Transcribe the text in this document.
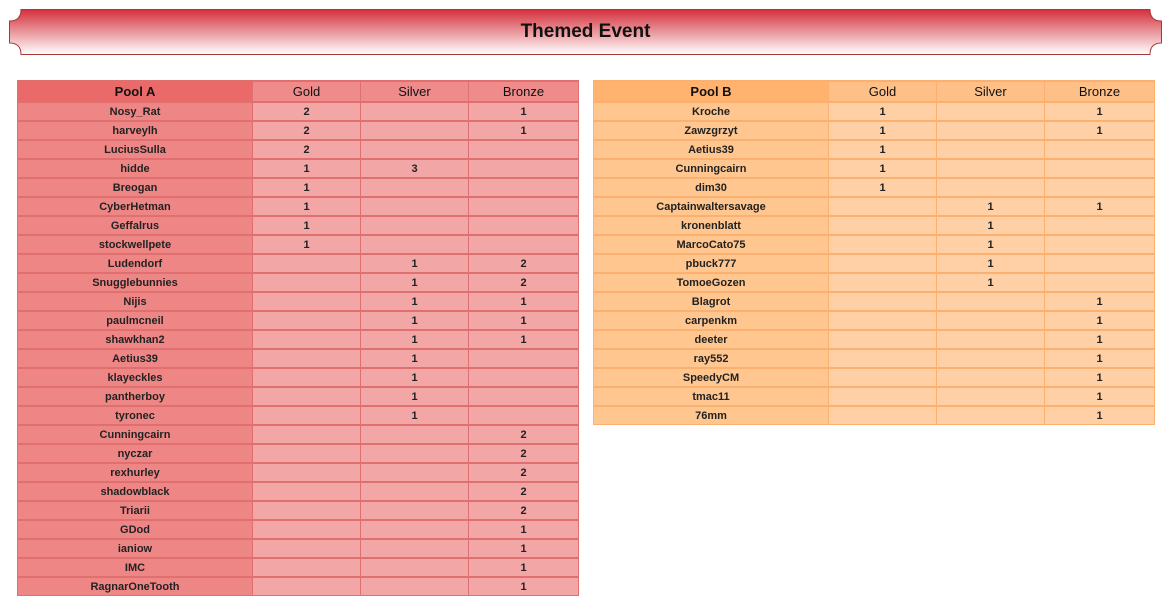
Themed Event
Pool A	Gold	Silver	Bronze
Nosy_Rat	2		1
harveylh	2		1
LuciusSulla	2		
hidde	1	3	
Breogan	1		
CyberHetman	1		
Geffalrus	1		
stockwellpete	1		
Ludendorf		1	2
Snugglebunnies		1	2
Nijis		1	1
paulmcneil		1	1
shawkhan2		1	1
Aetius39		1	
klayeckles		1	
pantherboy		1	
tyronec		1	
Cunningcairn			2
nyczar			2
rexhurley			2
shadowblack			2
Triarii			2
GDod			1
ianiow			1
IMC			1
RagnarOneTooth			1
Pool B	Gold	Silver	Bronze
Kroche	1		1
Zawzgrzyt	1		1
Aetius39	1		
Cunningcairn	1		
dim30	1		
Captainwaltersavage		1	1
kronenblatt		1	
MarcoCato75		1	
pbuck777		1	
TomoeGozen		1	
Blagrot			1
carpenkm			1
deeter			1
ray552			1
SpeedyCM			1
tmac11			1
76mm			1
